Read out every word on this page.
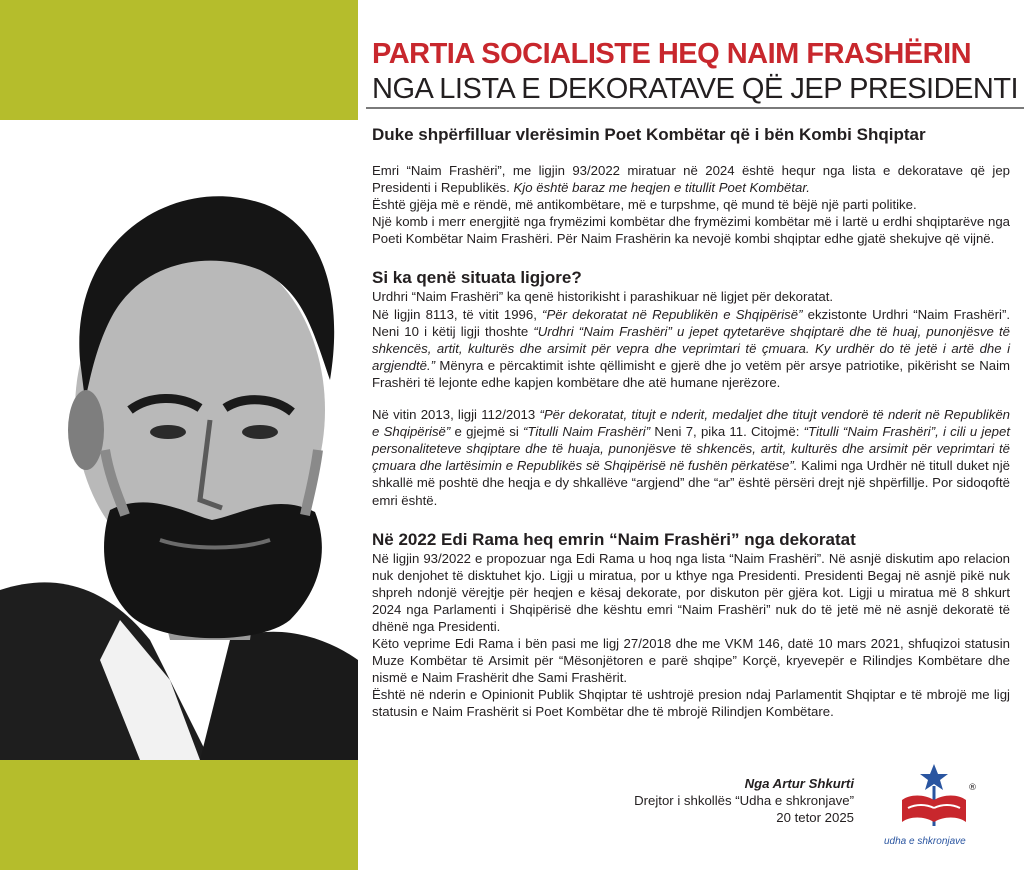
PARTIA SOCIALISTE HEQ NAIM FRASHËRIN
NGA LISTA E DEKORATAVE QË JEP PRESIDENTI
Duke shpërfilluar vlerësimin Poet Kombëtar që i bën Kombi Shqiptar

Emri “Naim Frashëri”, me ligjin 93/2022 miratuar në 2024 është hequr nga lista e dekoratave që jep Presidenti i Republikës. Kjo është baraz me heqjen e titullit Poet Kombëtar.

Është gjëja më e rëndë, më antikombëtare, më e turpshme, që mund të bëjë një parti politike.

Një komb i merr energjitë nga frymëzimi kombëtar dhe frymëzimi kombëtar më i lartë u erdhi shqiptarëve nga Poeti Kombëtar Naim Frashëri. Për Naim Frashërin ka nevojë kombi shqiptar edhe gjatë shekujve që vijnë.

Si ka qenë situata ligjore?

Urdhri “Naim Frashëri” ka qenë historikisht i parashikuar në ligjet për dekoratat.

Në ligjin 8113, të vitit 1996, “Për dekoratat në Republikën e Shqipërisë” ekzistonte Urdhri “Naim Frashëri”. Neni 10 i këtij ligji thoshte “Urdhri “Naim Frashëri” u jepet qytetarëve shqiptarë dhe të huaj, punonjësve të shkencës, artit, kulturës dhe arsimit për vepra dhe veprimtari të çmuara. Ky urdhër do të jetë i artë dhe i argjendtë.” Mënyra e përcaktimit ishte qëllimisht e gjerë dhe jo vetëm për arsye patriotike, pikërisht se Naim Frashëri të lejonte edhe kapjen kombëtare dhe atë humane njerëzore.

Në vitin 2013, ligji 112/2013 “Për dekoratat, titujt e nderit, medaljet dhe titujt vendorë të nderit në Republikën e Shqipërisë” e gjejmë si “Titulli Naim Frashëri” Neni 7, pika 11. Citojmë: “Titulli “Naim Frashëri”, i cili u jepet personaliteteve shqiptare dhe të huaja, punonjësve të shkencës, artit, kulturës dhe arsimit për veprimtari të çmuara dhe lartësimin e Republikës së Shqipërisë në fushën përkatëse”. Kalimi nga Urdhër në titull duket një shkallë më poshtë dhe heqja e dy shkallëve “argjend” dhe “ar” është përsëri drejt një shpërfillje. Por sidoqoftë emri është.

Në 2022 Edi Rama heq emrin “Naim Frashëri” nga dekoratat

Në ligjin 93/2022 e propozuar nga Edi Rama u hoq nga lista “Naim Frashëri”. Në asnjë diskutim apo relacion nuk denjohet të disktuhet kjo. Ligji u miratua, por u kthye nga Presidenti. Presidenti Begaj në asnjë pikë nuk shpreh ndonjë vërejtje për heqjen e kësaj dekorate, por diskuton për gjëra kot. Ligji u miratua më 8 shkurt 2024 nga Parlamenti i Shqipërisë dhe kështu emri “Naim Frashëri” nuk do të jetë më në asnjë dekoratë të dhënë nga Presidenti.

Këto veprime Edi Rama i bën pasi me ligj 27/2018 dhe me VKM 146, datë 10 mars 2021, shfuqizoi statusin Muze Kombëtar të Arsimit për “Mësonjëtoren e parë shqipe” Korçë, kryevepër e Rilindjes Kombëtare dhe nismë e Naim Frashërit dhe Sami Frashërit.

Është në nderin e Opinionit Publik Shqiptar të ushtrojë presion ndaj Parlamentit Shqiptar e të mbrojë me ligj statusin e Naim Frashërit si Poet Kombëtar dhe të mbrojë Rilindjen Kombëtare.

Nga Artur Shkurti
Drejtor i shkollës “Udha e shkronjave”
20 tetor 2025
®
udha e shkronjave
